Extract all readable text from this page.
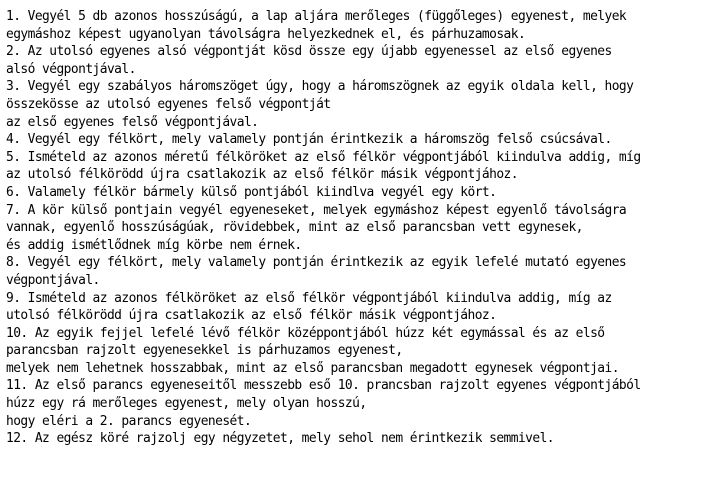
1. Vegyél 5 db azonos hosszúságú, a lap aljára merőleges (függőleges) egyenest, melyek
egymáshoz képest ugyanolyan távolságra helyezkednek el, és párhuzamosak.
2. Az utolsó egyenes alsó végpontját kösd össze egy újabb egyenessel az első egyenes
alsó végpontjával.
3. Vegyél egy szabályos háromszöget úgy, hogy a háromszögnek az egyik oldala kell, hogy
összekösse az utolsó egyenes felső végpontját
az első egyenes felső végpontjával.
4. Vegyél egy félkört, mely valamely pontján érintkezik a háromszög felső csúcsával.
5. Ismételd az azonos méretű félköröket az első félkör végpontjából kiindulva addig, míg
az utolsó félkörödd újra csatlakozik az első félkör másik végpontjához.
6. Valamely félkör bármely külső pontjából kiindlva vegyél egy kört.
7. A kör külső pontjain vegyél egyeneseket, melyek egymáshoz képest egyenlő távolságra
vannak, egyenlő hosszúságúak, rövidebbek, mint az első parancsban vett egynesek,
és addig ismétlődnek míg körbe nem érnek.
8. Vegyél egy félkört, mely valamely pontján érintkezik az egyik lefelé mutató egyenes
végpontjával.
9. Ismételd az azonos félköröket az első félkör végpontjából kiindulva addig, míg az
utolsó félkörödd újra csatlakozik az első félkör másik végpontjához.
10. Az egyik fejjel lefelé lévő félkör középpontjából húzz két egymással és az első
parancsban rajzolt egyenesekkel is párhuzamos egyenest,
melyek nem lehetnek hosszabbak, mint az első parancsban megadott egynesek végpontjai.
11. Az első parancs egyeneseitől messzebb eső 10. prancsban rajzolt egyenes végpontjából
húzz egy rá merőleges egyenest, mely olyan hosszú,
hogy eléri a 2. parancs egyenesét.
12. Az egész köré rajzolj egy négyzetet, mely sehol nem érintkezik semmivel.
